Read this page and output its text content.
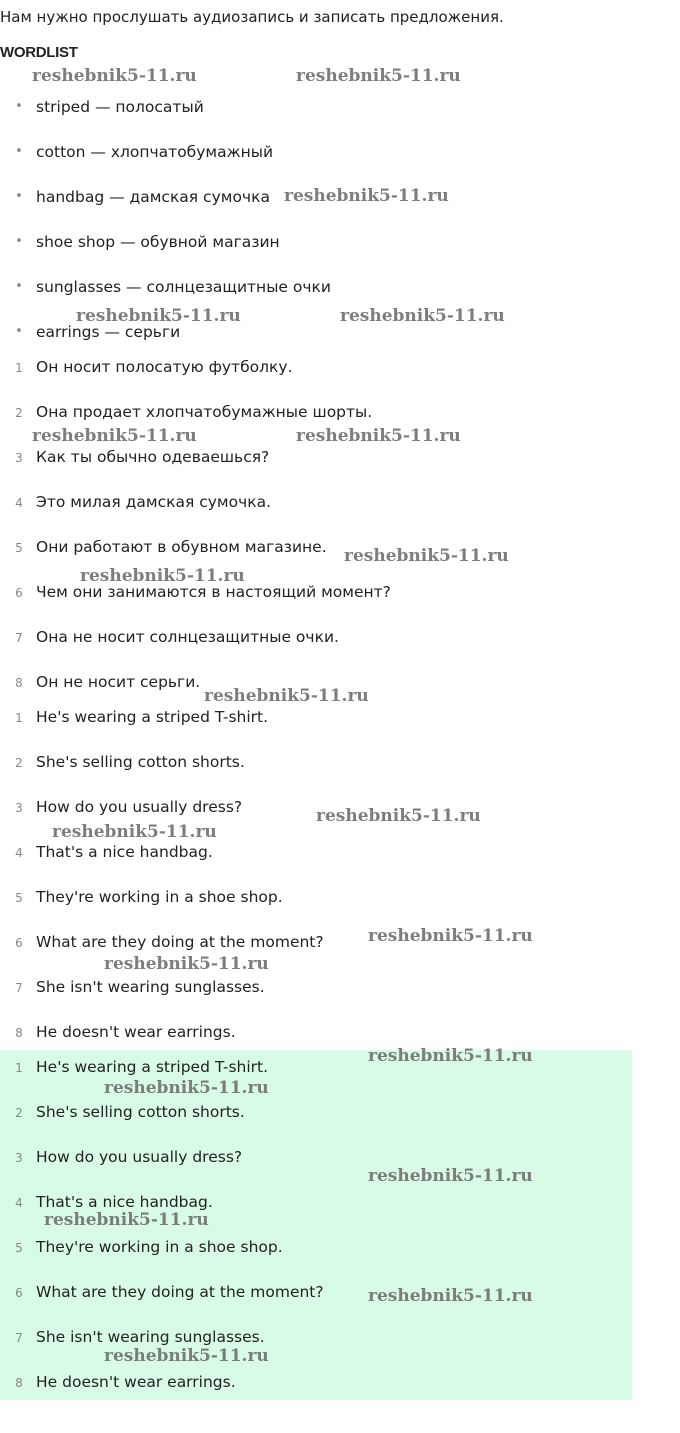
Нам нужно прослушать аудиозапись и записать предложения.
WORDLIST
• striped — полосатый
• cotton — хлопчатобумажный
• handbag — дамская сумочка
• shoe shop — обувной магазин
• sunglasses — солнцезащитные очки
• earrings — серьги
1 Он носит полосатую футболку.
2 Она продает хлопчатобумажные шорты.
3 Как ты обычно одеваешься?
4 Это милая дамская сумочка.
5 Они работают в обувном магазине.
6 Чем они занимаются в настоящий момент?
7 Она не носит солнцезащитные очки.
8 Он не носит серьги.
1 He's wearing a striped T-shirt.
2 She's selling cotton shorts.
3 How do you usually dress?
4 That's a nice handbag.
5 They're working in a shoe shop.
6 What are they doing at the moment?
7 She isn't wearing sunglasses.
8 He doesn't wear earrings.
1 He's wearing a striped T-shirt.
2 She's selling cotton shorts.
3 How do you usually dress?
4 That's a nice handbag.
5 They're working in a shoe shop.
6 What are they doing at the moment?
7 She isn't wearing sunglasses.
8 He doesn't wear earrings.
reshebnik5-11.ru	reshebnik5-11.ru
reshebnik5-11.ru
reshebnik5-11.ru	reshebnik5-11.ru
reshebnik5-11.ru	reshebnik5-11.ru
reshebnik5-11.ru
reshebnik5-11.ru
reshebnik5-11.ru
reshebnik5-11.ru
reshebnik5-11.ru
reshebnik5-11.ru
reshebnik5-11.ru
reshebnik5-11.ru
reshebnik5-11.ru
reshebnik5-11.ru
reshebnik5-11.ru
reshebnik5-11.ru
reshebnik5-11.ru
